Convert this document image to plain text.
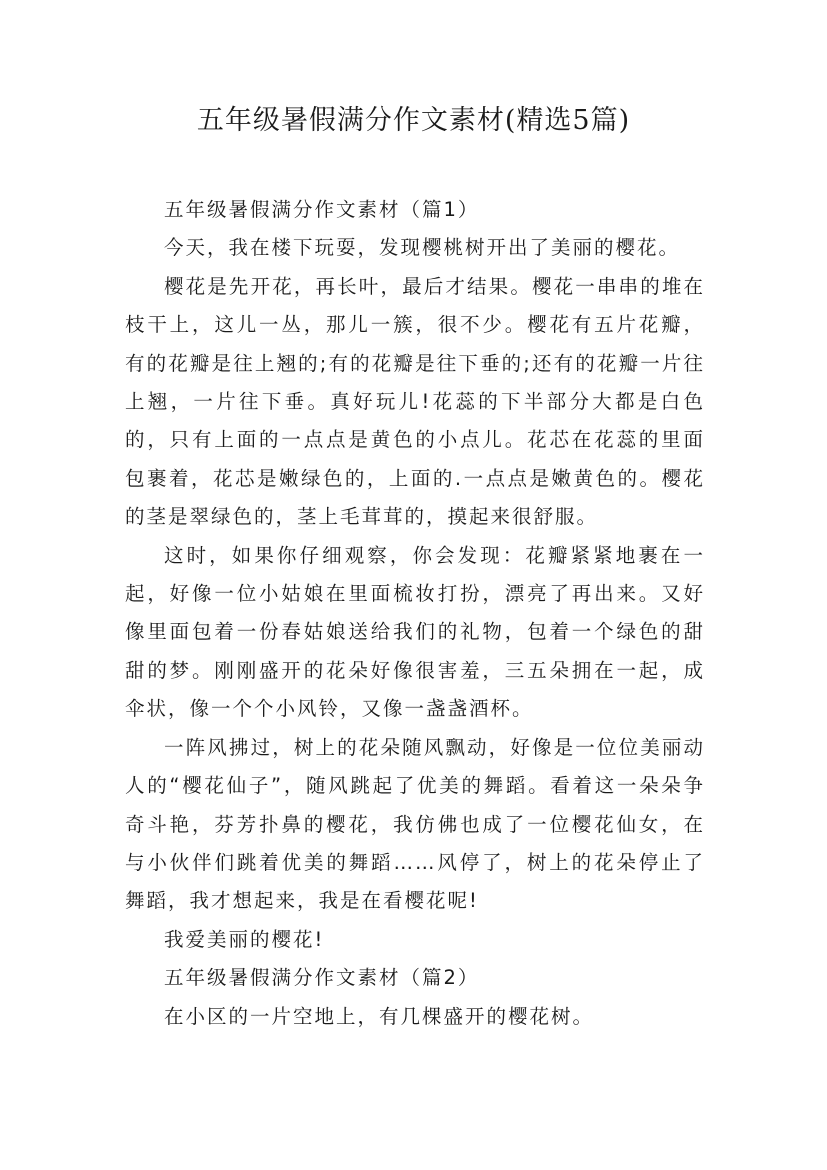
五年级暑假满分作文素材(精选5篇)

五年级暑假满分作文素材（篇1）

今天，我在楼下玩耍，发现樱桃树开出了美丽的樱花。

樱花是先开花，再长叶，最后才结果。樱花一串串的堆在枝干上，这儿一丛，那儿一簇，很不少。樱花有五片花瓣，有的花瓣是往上翘的;有的花瓣是往下垂的;还有的花瓣一片往上翘，一片往下垂。真好玩儿!花蕊的下半部分大都是白色的，只有上面的一点点是黄色的小点儿。花芯在花蕊的里面包裹着，花芯是嫩绿色的，上面的.一点点是嫩黄色的。樱花的茎是翠绿色的，茎上毛茸茸的，摸起来很舒服。

这时，如果你仔细观察，你会发现：花瓣紧紧地裹在一起，好像一位小姑娘在里面梳妆打扮，漂亮了再出来。又好像里面包着一份春姑娘送给我们的礼物，包着一个绿色的甜甜的梦。刚刚盛开的花朵好像很害羞，三五朵拥在一起，成伞状，像一个个小风铃，又像一盏盏酒杯。

一阵风拂过，树上的花朵随风飘动，好像是一位位美丽动人的“樱花仙子”，随风跳起了优美的舞蹈。看着这一朵朵争奇斗艳，芬芳扑鼻的樱花，我仿佛也成了一位樱花仙女，在与小伙伴们跳着优美的舞蹈……风停了，树上的花朵停止了舞蹈，我才想起来，我是在看樱花呢!

我爱美丽的樱花!

五年级暑假满分作文素材（篇2）

在小区的一片空地上，有几棵盛开的樱花树。
